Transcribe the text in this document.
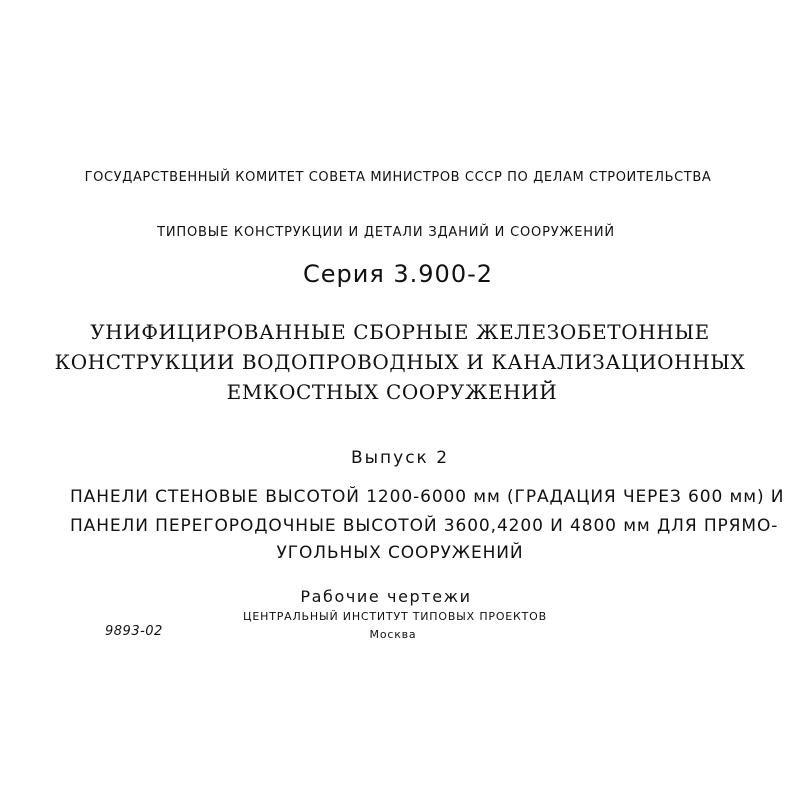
ГОСУДАРСТВЕННЫЙ КОМИТЕТ СОВЕТА МИНИСТРОВ СССР ПО ДЕЛАМ СТРОИТЕЛЬСТВА
ТИПОВЫЕ КОНСТРУКЦИИ И ДЕТАЛИ ЗДАНИЙ И СООРУЖЕНИЙ
Серия 3.900-2
УНИФИЦИРОВАННЫЕ СБОРНЫЕ ЖЕЛЕЗОБЕТОННЫЕ
КОНСТРУКЦИИ ВОДОПРОВОДНЫХ И КАНАЛИЗАЦИОННЫХ
ЕМКОСТНЫХ СООРУЖЕНИЙ
Выпуск 2
ПАНЕЛИ СТЕНОВЫЕ ВЫСОТОЙ 1200-6000 мм (ГРАДАЦИЯ ЧЕРЕЗ 600 мм) И
ПАНЕЛИ ПЕРЕГОРОДОЧНЫЕ ВЫСОТОЙ 3600,4200 И 4800 мм ДЛЯ ПРЯМО-
УГОЛЬНЫХ СООРУЖЕНИЙ
Рабочие чертежи
ЦЕНТРАЛЬНЫЙ ИНСТИТУТ ТИПОВЫХ ПРОЕКТОВ
Москва
9893-02
